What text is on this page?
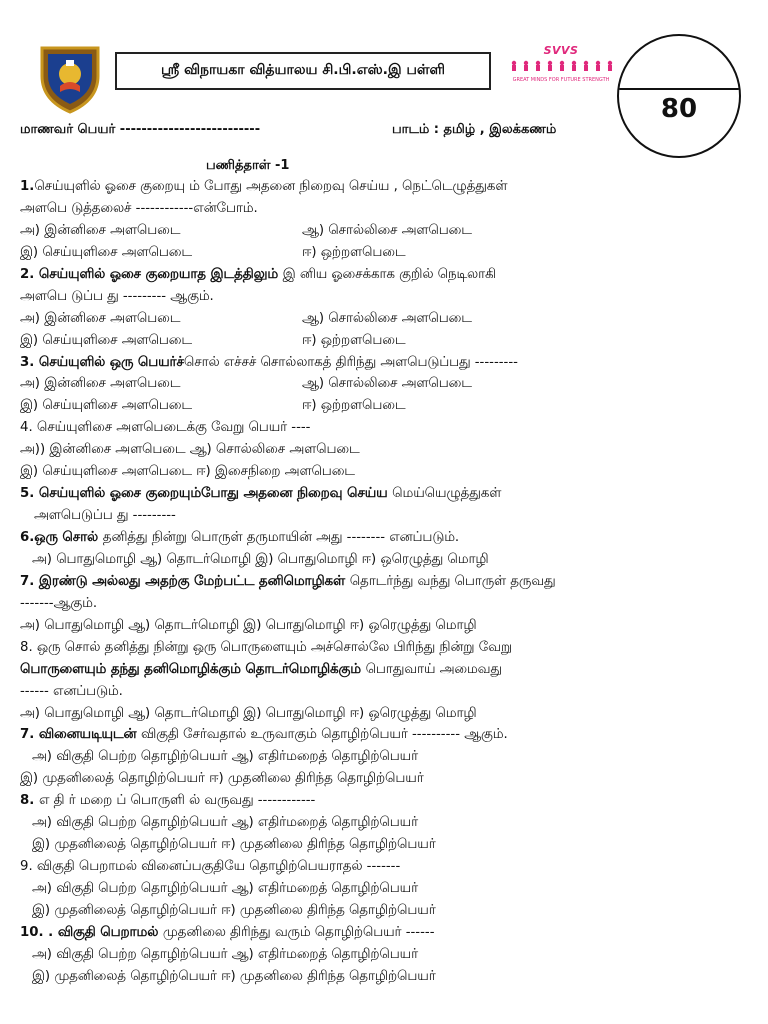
ஸ்ரீ விநாயகா வித்யாலய சி.பி.எஸ்.இ பள்ளி
SVVS
GREAT MINDS FOR FUTURE STRENGTH
80
மாணவர் பெயர் --------------------------	பாடம் : தமிழ் , இலக்கணம்
பணித்தாள் -1
1.செய்யுளில் ஓசை குறையு ம் போது அதனை நிறைவு செய்ய , நெட்டெழுத்துகள்
அளபெ டுத்தலைச் ------------என்போம்.
அ) இன்னிசை அளபெடை	ஆ) சொல்லிசை அளபெடை
இ) செய்யுளிசை அளபெடை	ஈ) ஒற்றளபெடை
2. செய்யுளில் ஓசை குறையாத இடத்திலும் இ னிய ஓசைக்காக குறில் நெடிலாகி
அளபெ டுப்ப து --------- ஆகும்.
அ) இன்னிசை அளபெடை	ஆ) சொல்லிசை அளபெடை
இ) செய்யுளிசை அளபெடை	ஈ) ஒற்றளபெடை
3. செய்யுளில் ஒரு பெயர்ச்சொல் எச்சச் சொல்லாகத் திரிந்து அளபெடுப்பது ---------
அ) இன்னிசை அளபெடை	ஆ) சொல்லிசை அளபெடை
இ) செய்யுளிசை அளபெடை	ஈ) ஒற்றளபெடை
4. செய்யுளிசை அளபெடைக்கு வேறு பெயர் ----
அ)) இன்னிசை அளபெடை ஆ) சொல்லிசை அளபெடை
இ) செய்யுளிசை அளபெடை ஈ) இசைநிறை அளபெடை
5. செய்யுளில் ஓசை குறையும்போது அதனை நிறைவு செய்ய மெய்யெழுத்துகள்
அளபெடுப்ப து ---------
6.ஒரு சொல் தனித்து நின்று பொருள் தருமாயின் அது -------- எனப்படும்.
அ) பொதுமொழி ஆ) தொடர்மொழி இ) பொதுமொழி ஈ) ஒரெழுத்து மொழி
7. இரண்டு அல்லது அதற்கு மேற்பட்ட தனிமொழிகள் தொடர்ந்து வந்து பொருள் தருவது
-------ஆகும்.
அ) பொதுமொழி ஆ) தொடர்மொழி இ) பொதுமொழி ஈ) ஒரெழுத்து மொழி
8. ஒரு சொல் தனித்து நின்று ஒரு பொருளையும் அச்சொல்லே பிரிந்து நின்று வேறு
பொருளையும் தந்து தனிமொழிக்கும் தொடர்மொழிக்கும் பொதுவாய் அமைவது
------ எனப்படும்.
அ) பொதுமொழி ஆ) தொடர்மொழி இ) பொதுமொழி ஈ) ஒரெழுத்து மொழி
7. வினையடியுடன் விகுதி சேர்வதால் உருவாகும் தொழிற்பெயர் ---------- ஆகும்.
அ) விகுதி பெற்ற தொழிற்பெயர் ஆ) எதிர்மறைத் தொழிற்பெயர்
இ) முதனிலைத் தொழிற்பெயர் ஈ) முதனிலை திரிந்த தொழிற்பெயர்
8. எ தி ர் மறை ப் பொருளி ல் வருவது ------------
அ) விகுதி பெற்ற தொழிற்பெயர் ஆ) எதிர்மறைத் தொழிற்பெயர்
இ) முதனிலைத் தொழிற்பெயர் ஈ) முதனிலை திரிந்த தொழிற்பெயர்
9. விகுதி பெறாமல் வினைப்பகுதியே தொழிற்பெயராதல் -------
அ) விகுதி பெற்ற தொழிற்பெயர் ஆ) எதிர்மறைத் தொழிற்பெயர்
இ) முதனிலைத் தொழிற்பெயர் ஈ) முதனிலை திரிந்த தொழிற்பெயர்
10. . விகுதி பெறாமல் முதனிலை திரிந்து வரும் தொழிற்பெயர் ------
அ) விகுதி பெற்ற தொழிற்பெயர் ஆ) எதிர்மறைத் தொழிற்பெயர்
இ) முதனிலைத் தொழிற்பெயர் ஈ) முதனிலை திரிந்த தொழிற்பெயர்
